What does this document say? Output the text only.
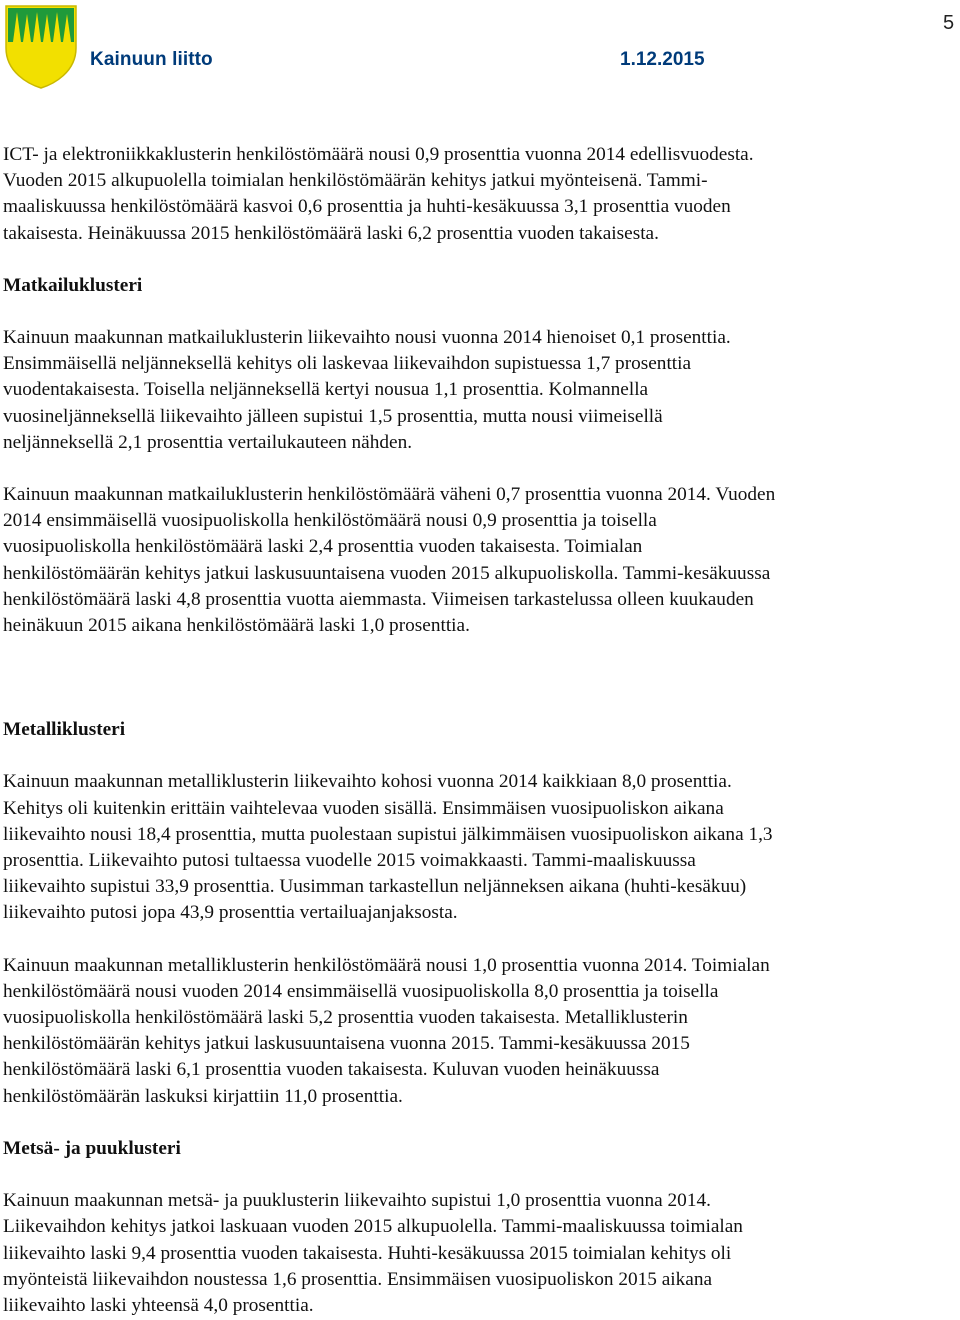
Kainuun liitto	1.12.2015
5

ICT- ja elektroniikkaklusterin henkilöstömäärä nousi 0,9 prosenttia vuonna 2014 edellisvuodesta.
Vuoden 2015 alkupuolella toimialan henkilöstömäärän kehitys jatkui myönteisenä. Tammi-
maaliskuussa henkilöstömäärä kasvoi 0,6 prosenttia ja huhti-kesäkuussa 3,1 prosenttia vuoden
takaisesta. Heinäkuussa 2015 henkilöstömäärä laski 6,2 prosenttia vuoden takaisesta.

Matkailuklusteri

Kainuun maakunnan matkailuklusterin liikevaihto nousi vuonna 2014 hienoiset 0,1 prosenttia.
Ensimmäisellä neljänneksellä kehitys oli laskevaa liikevaihdon supistuessa 1,7 prosenttia
vuodentakaisesta. Toisella neljänneksellä kertyi nousua 1,1 prosenttia. Kolmannella
vuosineljänneksellä liikevaihto jälleen supistui 1,5 prosenttia, mutta nousi viimeisellä
neljänneksellä 2,1 prosenttia vertailukauteen nähden.

Kainuun maakunnan matkailuklusterin henkilöstömäärä väheni 0,7 prosenttia vuonna 2014. Vuoden
2014 ensimmäisellä vuosipuoliskolla henkilöstömäärä nousi 0,9 prosenttia ja toisella
vuosipuoliskolla henkilöstömäärä laski 2,4 prosenttia vuoden takaisesta. Toimialan
henkilöstömäärän kehitys jatkui laskusuuntaisena vuoden 2015 alkupuoliskolla. Tammi-kesäkuussa
henkilöstömäärä laski 4,8 prosenttia vuotta aiemmasta. Viimeisen tarkastelussa olleen kuukauden
heinäkuun 2015 aikana henkilöstömäärä laski 1,0 prosenttia.

Metalliklusteri

Kainuun maakunnan metalliklusterin liikevaihto kohosi vuonna 2014 kaikkiaan 8,0 prosenttia.
Kehitys oli kuitenkin erittäin vaihtelevaa vuoden sisällä. Ensimmäisen vuosipuoliskon aikana
liikevaihto nousi 18,4 prosenttia, mutta puolestaan supistui jälkimmäisen vuosipuoliskon aikana 1,3
prosenttia. Liikevaihto putosi tultaessa vuodelle 2015 voimakkaasti. Tammi-maaliskuussa
liikevaihto supistui 33,9 prosenttia. Uusimman tarkastellun neljänneksen aikana (huhti-kesäkuu)
liikevaihto putosi jopa 43,9 prosenttia vertailuajanjaksosta.

Kainuun maakunnan metalliklusterin henkilöstömäärä nousi 1,0 prosenttia vuonna 2014. Toimialan
henkilöstömäärä nousi vuoden 2014 ensimmäisellä vuosipuoliskolla 8,0 prosenttia ja toisella
vuosipuoliskolla henkilöstömäärä laski 5,2 prosenttia vuoden takaisesta. Metalliklusterin
henkilöstömäärän kehitys jatkui laskusuuntaisena vuonna 2015. Tammi-kesäkuussa 2015
henkilöstömäärä laski 6,1 prosenttia vuoden takaisesta. Kuluvan vuoden heinäkuussa
henkilöstömäärän laskuksi kirjattiin 11,0 prosenttia.

Metsä- ja puuklusteri

Kainuun maakunnan metsä- ja puuklusterin liikevaihto supistui 1,0 prosenttia vuonna 2014.
Liikevaihdon kehitys jatkoi laskuaan vuoden 2015 alkupuolella. Tammi-maaliskuussa toimialan
liikevaihto laski 9,4 prosenttia vuoden takaisesta. Huhti-kesäkuussa 2015 toimialan kehitys oli
myönteistä liikevaihdon noustessa 1,6 prosenttia. Ensimmäisen vuosipuoliskon 2015 aikana
liikevaihto laski yhteensä 4,0 prosenttia.
